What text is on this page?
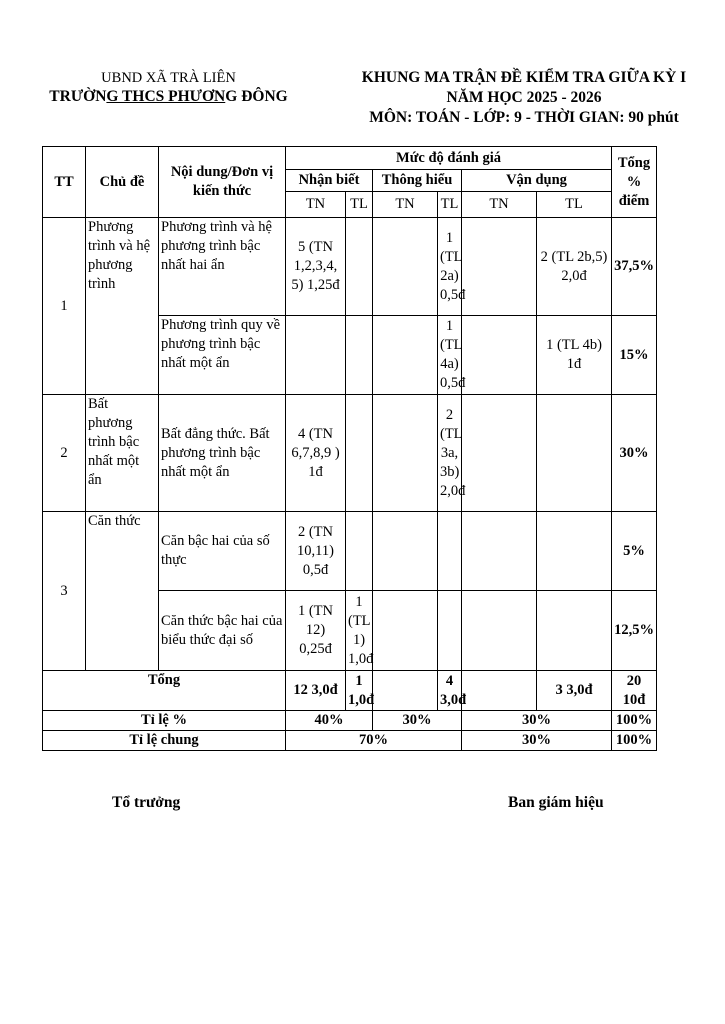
UBND XÃ TRÀ LIÊN
TRƯỜNG THCS PHƯƠNG ĐÔNG
KHUNG MA TRẬN ĐỀ KIỂM TRA GIỮA KỲ I
NĂM HỌC 2025 - 2026
MÔN: TOÁN - LỚP: 9 - THỜI GIAN: 90 phút
TT	Chủ đề	Nội dung/Đơn vị kiến thức	Mức độ đánh giá						Tổng
% điểm
			Nhận biết		Thông hiểu		Vận dụng		
			TN	TL	TN	TL	TN	TL	
1	Phương trình và hệ phương trình	Phương trình và hệ phương trình bậc nhất hai ẩn	5 (TN 1,2,3,4, 5) 1,25đ			1 (TL 2a) 0,5đ		2 (TL 2b,5) 2,0đ	37,5%
		Phương trình quy về phương trình bậc nhất một ẩn				1 (TL 4a) 0,5đ		1 (TL 4b) 1đ	15%
2	Bất phương trình bậc nhất một ẩn	Bất đẳng thức. Bất phương trình bậc nhất một ẩn	4 (TN 6,7,8,9 ) 1đ			2 (TL 3a, 3b) 2,0đ			30%
3	Căn thức	Căn bậc hai của số thực	2 (TN 10,11) 0,5đ						5%
		Căn thức bậc hai của biểu thức đại số	1 (TN 12) 0,25đ	1 (TL 1) 1,0đ					12,5%
Tổng			12 3,0đ	1 1,0đ		4 3,0đ		3 3,0đ	20 10đ
Tỉ lệ %			40%		30%		30%		100%
Tỉ lệ chung			70%				30%		100%
Tổ trưởng	Ban giám hiệu
